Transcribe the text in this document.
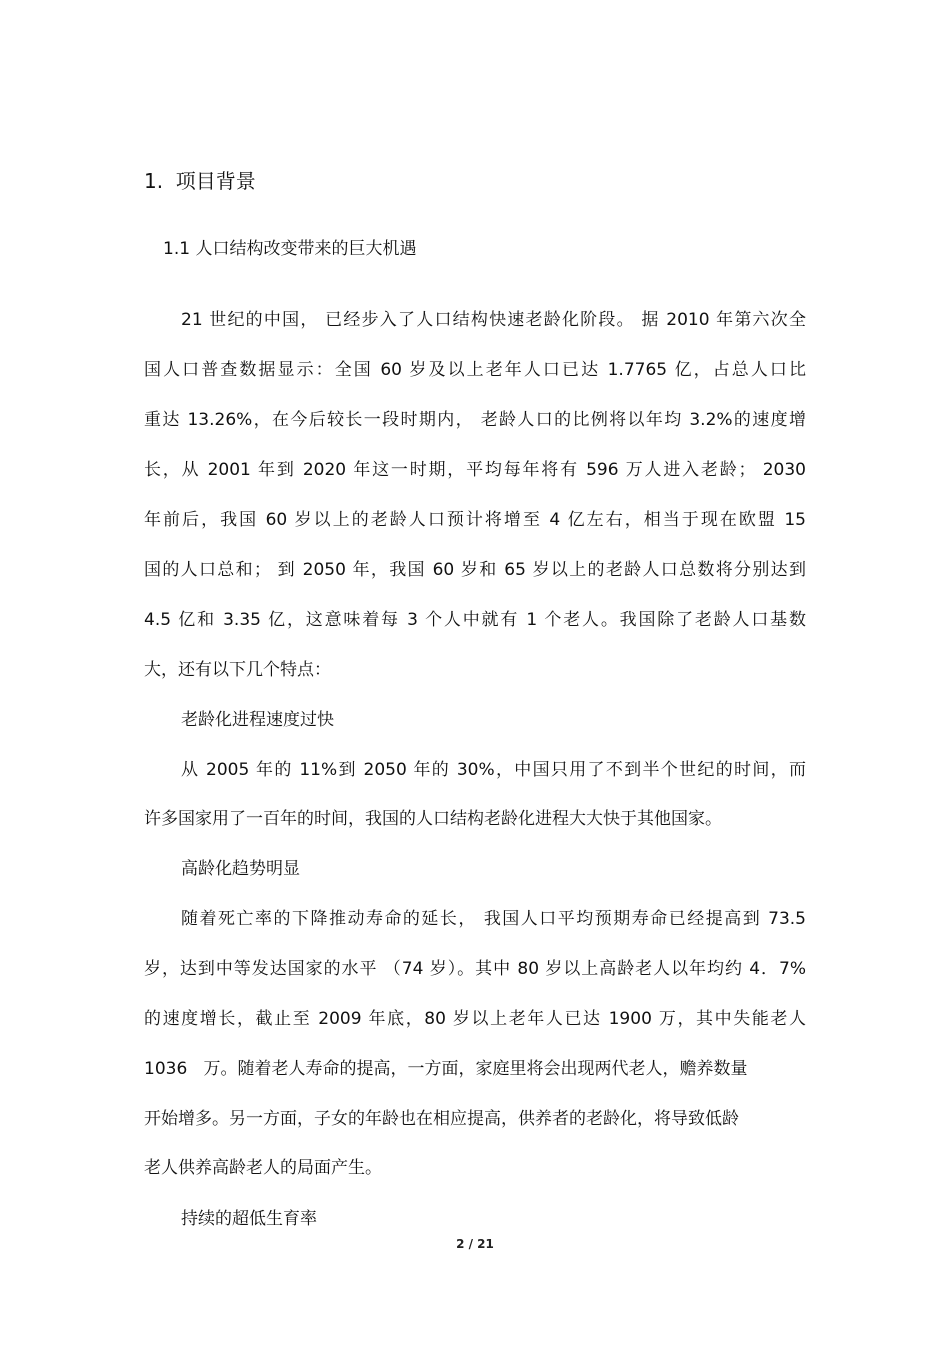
1.  项目背景
1.1 人口结构改变带来的巨大机遇
21 世纪的中国， 已经步入了人口结构快速老龄化阶段。 据 2010 年第六次全
国人口普查数据显示：全国 60 岁及以上老年人口已达 1.7765 亿，占总人口比
重达 13.26%，在今后较长一段时期内， 老龄人口的比例将以年均 3.2%的速度增
长，从 2001 年到 2020 年这一时期，平均每年将有 596 万人进入老龄； 2030
年前后，我国 60 岁以上的老龄人口预计将增至 4 亿左右，相当于现在欧盟 15
国的人口总和； 到 2050 年，我国 60 岁和 65 岁以上的老龄人口总数将分别达到
4.5 亿和 3.35 亿，这意味着每 3 个人中就有 1 个老人。我国除了老龄人口基数
大，还有以下几个特点：
老龄化进程速度过快
从 2005 年的 11%到 2050 年的 30%，中国只用了不到半个世纪的时间，而
许多国家用了一百年的时间，我国的人口结构老龄化进程大大快于其他国家。
高龄化趋势明显
随着死亡率的下降推动寿命的延长， 我国人口平均预期寿命已经提高到 73.5
岁，达到中等发达国家的水平 （74 岁）。其中 80 岁以上高龄老人以年均约 4．7%
的速度增长，截止至 2009 年底，80 岁以上老年人已达 1900 万，其中失能老人
1036   万。随着老人寿命的提高，一方面，家庭里将会出现两代老人，赡养数量
开始增多。另一方面，子女的年龄也在相应提高，供养者的老龄化，将导致低龄
老人供养高龄老人的局面产生。
持续的超低生育率
2 / 21
